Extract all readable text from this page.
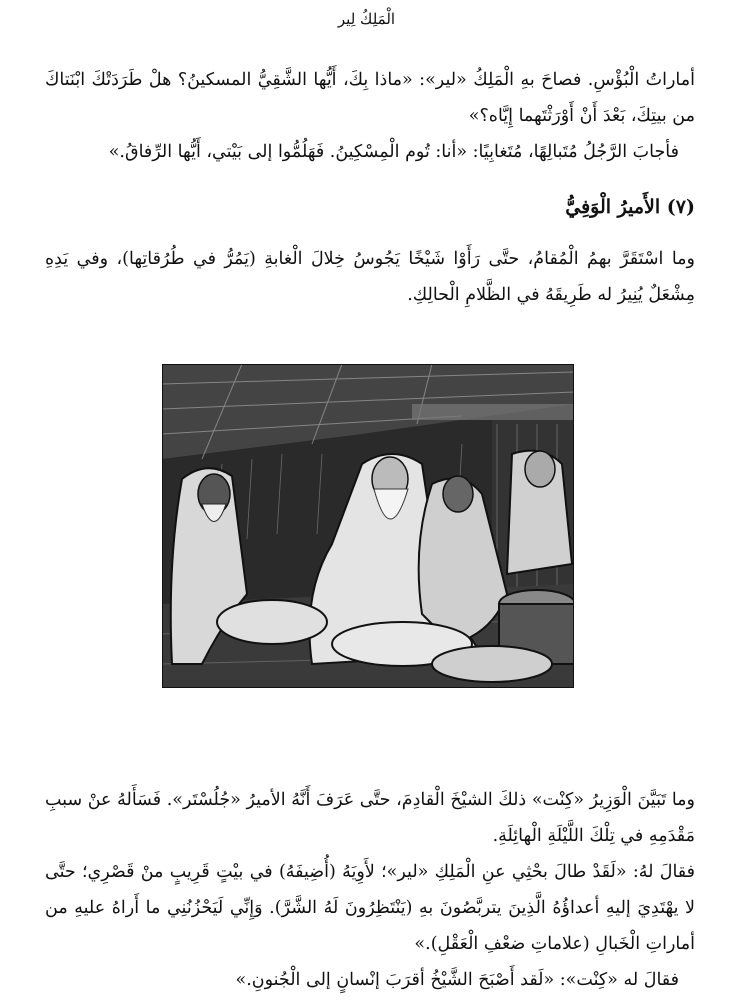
الْمَلِكُ لِير
أماراتُ الْبُؤْسِ. فصاحَ بهِ الْمَلِكُ «لير»: «ماذا بِكَ، أَيُّها الشَّقِيُّ المسكينُ؟ هلْ طَرَدَتْكَ ابْنَتاكَ من بيتِكَ، بَعْدَ أَنْ أَوْرَثْتَهما إِيَّاه؟»
فأجابَ الرَّجُلُ مُتَبالِهًا، مُتَغابِيًا: «أنا: تُوم الْمِسْكِينُ. فَهَلُمُّوا إلى بَيْتي، أَيُّها الرِّفاقُ.»
(٧) الأَميرُ الْوَفِيُّ
وما اسْتَقَرَّ بهمُ الْمُقامُ، حتَّى رَأَوْا شَيْخًا يَجُوسُ خِلالَ الْغابةِ (يَمُرُّ في طُرُقاتِها)، وفي يَدِهِ مِشْعَلٌ يُنِيرُ له طَرِيقَهُ في الظَّلامِ الْحالِكِ.
وما تَبَيَّنَ الْوَزِيرُ «كِنْت» ذلكَ الشيْخَ الْقادِمَ، حتَّى عَرَفَ أَنَّهُ الأميرُ «جُلُسْتَر». فَسَأَلهُ عنْ سببِ مَقْدَمِهِ في تِلْكَ اللَّيْلَةِ الْهائِلَةِ.
فقالَ لهُ: «لَقَدْ طالَ بحْثِي عنِ الْمَلِكِ «لير»؛ لأَوِيَهُ (أُضِيفَهُ) في بيْتٍ قَرِيبٍ منْ قَصْرِي؛ حتَّى لا يهْتَدِيَ إليهِ أعداؤُهُ الَّذِينَ يتربَّصُونَ بهِ (يَنْتَظِرُونَ لَهُ الشَّرَّ). وَإِنِّي لَيَحْزُنُنِي ما أَراهُ عليهِ من أماراتِ الْخَبالِ (علاماتِ ضعْفِ الْعَقْلِ).»
فقالَ له «كِنْت»: «لَقد أَصْبَحَ الشَّيْخُ أقرَبَ إنْسانٍ إلى الْجُنونِ.»
